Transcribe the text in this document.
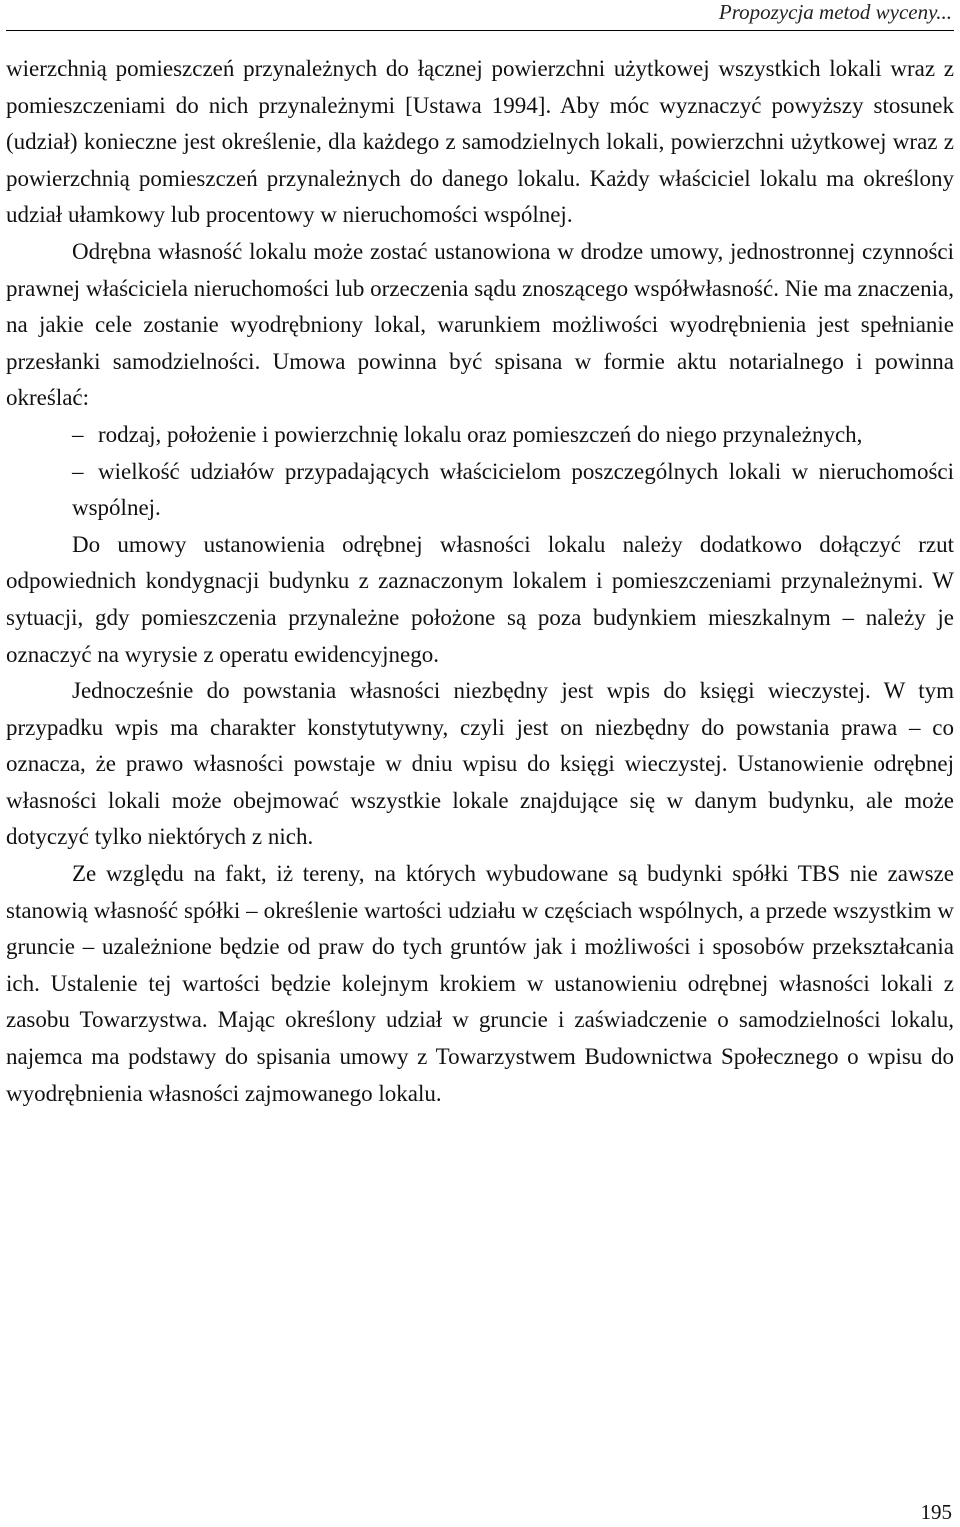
Propozycja metod wyceny...

wierzchnią pomieszczeń przynależnych do łącznej powierzchni użytkowej wszystkich lokali wraz z pomieszczeniami do nich przynależnymi [Ustawa 1994]. Aby móc wyznaczyć powyższy stosunek (udział) konieczne jest określenie, dla każdego z samodzielnych lokali, powierzchni użytkowej wraz z powierzchnią pomieszczeń przynależnych do danego lokalu. Każdy właściciel lokalu ma określony udział ułamkowy lub procentowy w nieruchomości wspólnej.

Odrębna własność lokalu może zostać ustanowiona w drodze umowy, jednostronnej czynności prawnej właściciela nieruchomości lub orzeczenia sądu znoszącego współwłasność. Nie ma znaczenia, na jakie cele zostanie wyodrębniony lokal, warunkiem możliwości wyodrębnienia jest spełnianie przesłanki samodzielności. Umowa powinna być spisana w formie aktu notarialnego i powinna określać:

– rodzaj, położenie i powierzchnię lokalu oraz pomieszczeń do niego przynależnych,

– wielkość udziałów przypadających właścicielom poszczególnych lokali w nieruchomości wspólnej.

Do umowy ustanowienia odrębnej własności lokalu należy dodatkowo dołączyć rzut odpowiednich kondygnacji budynku z zaznaczonym lokalem i pomieszczeniami przynależnymi. W sytuacji, gdy pomieszczenia przynależne położone są poza budynkiem mieszkalnym – należy je oznaczyć na wyrysie z operatu ewidencyjnego.

Jednocześnie do powstania własności niezbędny jest wpis do księgi wieczystej. W tym przypadku wpis ma charakter konstytutywny, czyli jest on niezbędny do powstania prawa – co oznacza, że prawo własności powstaje w dniu wpisu do księgi wieczystej. Ustanowienie odrębnej własności lokali może obejmować wszystkie lokale znajdujące się w danym budynku, ale może dotyczyć tylko niektórych z nich.

Ze względu na fakt, iż tereny, na których wybudowane są budynki spółki TBS nie zawsze stanowią własność spółki – określenie wartości udziału w częściach wspólnych, a przede wszystkim w gruncie – uzależnione będzie od praw do tych gruntów jak i możliwości i sposobów przekształcania ich. Ustalenie tej wartości będzie kolejnym krokiem w ustanowieniu odrębnej własności lokali z zasobu Towarzystwa. Mając określony udział w gruncie i zaświadczenie o samodzielności lokalu, najemca ma podstawy do spisania umowy z Towarzystwem Budownictwa Społecznego o wpisu do wyodrębnienia własności zajmowanego lokalu.

195
